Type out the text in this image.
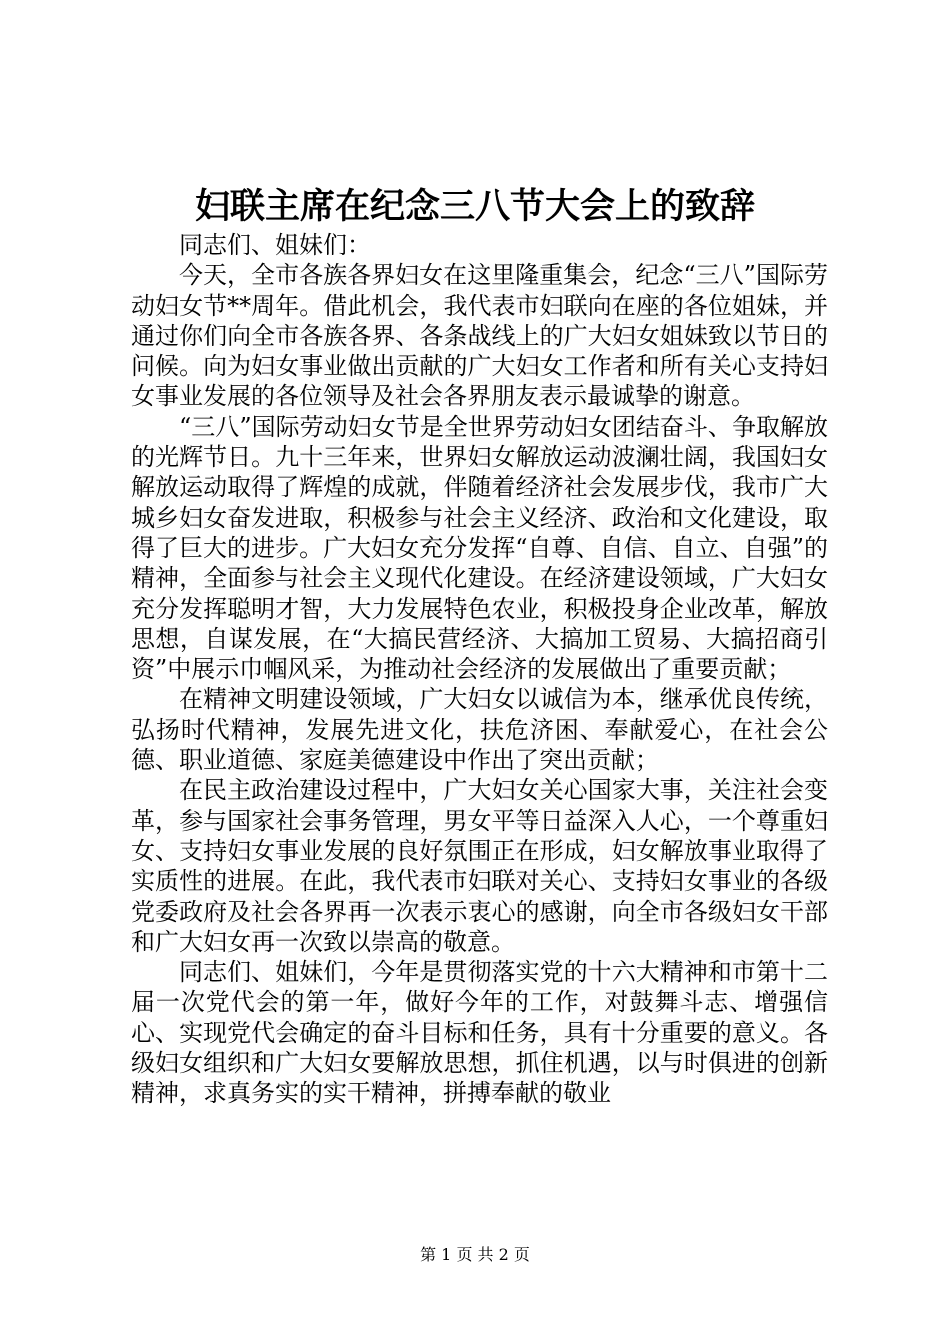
妇联主席在纪念三八节大会上的致辞

同志们、姐妹们：

今天，全市各族各界妇女在这里隆重集会，纪念“三八”国际劳动妇女节**周年。借此机会，我代表市妇联向在座的各位姐妹，并通过你们向全市各族各界、各条战线上的广大妇女姐妹致以节日的问候。向为妇女事业做出贡献的广大妇女工作者和所有关心支持妇女事业发展的各位领导及社会各界朋友表示最诚挚的谢意。

“三八”国际劳动妇女节是全世界劳动妇女团结奋斗、争取解放的光辉节日。九十三年来，世界妇女解放运动波澜壮阔，我国妇女解放运动取得了辉煌的成就，伴随着经济社会发展步伐，我市广大城乡妇女奋发进取，积极参与社会主义经济、政治和文化建设，取得了巨大的进步。广大妇女充分发挥“自尊、自信、自立、自强”的精神，全面参与社会主义现代化建设。在经济建设领域，广大妇女充分发挥聪明才智，大力发展特色农业，积极投身企业改革，解放思想，自谋发展，在“大搞民营经济、大搞加工贸易、大搞招商引资”中展示巾帼风采，为推动社会经济的发展做出了重要贡献；

在精神文明建设领域，广大妇女以诚信为本，继承优良传统，弘扬时代精神，发展先进文化，扶危济困、奉献爱心，在社会公德、职业道德、家庭美德建设中作出了突出贡献；

在民主政治建设过程中，广大妇女关心国家大事，关注社会变革，参与国家社会事务管理，男女平等日益深入人心，一个尊重妇女、支持妇女事业发展的良好氛围正在形成，妇女解放事业取得了实质性的进展。在此，我代表市妇联对关心、支持妇女事业的各级党委政府及社会各界再一次表示衷心的感谢，向全市各级妇女干部和广大妇女再一次致以崇高的敬意。

同志们、姐妹们，今年是贯彻落实党的十六大精神和市第十二届一次党代会的第一年，做好今年的工作，对鼓舞斗志、增强信心、实现党代会确定的奋斗目标和任务，具有十分重要的意义。各级妇女组织和广大妇女要解放思想，抓住机遇，以与时俱进的创新精神，求真务实的实干精神，拼搏奉献的敬业

第 1 页 共 2 页
